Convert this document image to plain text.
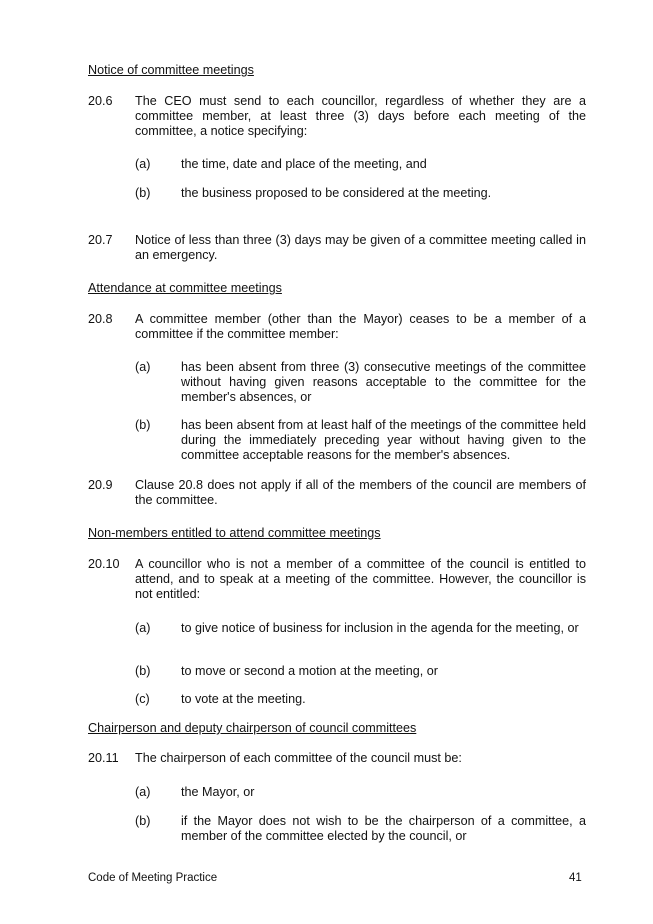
Notice of committee meetings
20.6 The CEO must send to each councillor, regardless of whether they are a committee member, at least three (3) days before each meeting of the committee, a notice specifying:
(a) the time, date and place of the meeting, and
(b) the business proposed to be considered at the meeting.
20.7 Notice of less than three (3) days may be given of a committee meeting called in an emergency.
Attendance at committee meetings
20.8 A committee member (other than the Mayor) ceases to be a member of a committee if the committee member:
(a) has been absent from three (3) consecutive meetings of the committee without having given reasons acceptable to the committee for the member's absences, or
(b) has been absent from at least half of the meetings of the committee held during the immediately preceding year without having given to the committee acceptable reasons for the member's absences.
20.9 Clause 20.8 does not apply if all of the members of the council are members of the committee.
Non-members entitled to attend committee meetings
20.10 A councillor who is not a member of a committee of the council is entitled to attend, and to speak at a meeting of the committee. However, the councillor is not entitled:
(a) to give notice of business for inclusion in the agenda for the meeting, or
(b) to move or second a motion at the meeting, or
(c) to vote at the meeting.
Chairperson and deputy chairperson of council committees
20.11 The chairperson of each committee of the council must be:
(a) the Mayor, or
(b) if the Mayor does not wish to be the chairperson of a committee, a member of the committee elected by the council, or
Code of Meeting Practice	41
